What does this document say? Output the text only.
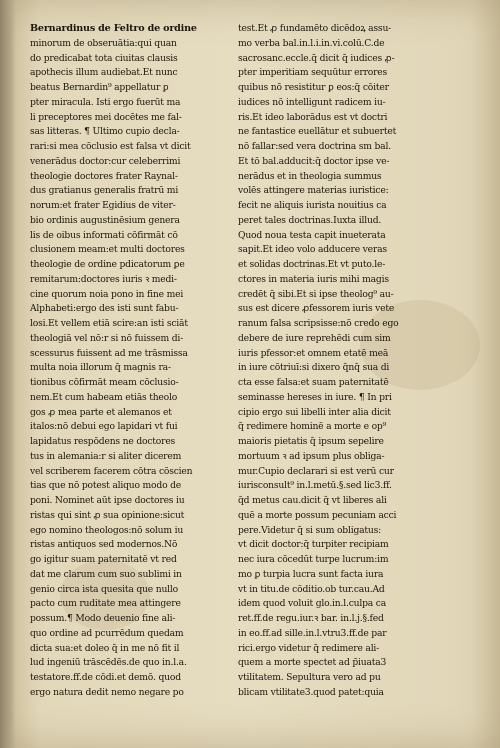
Bernardinus de Feltro de ordine
minorum de obseruātia:qui quan
do predicabat tota ciuitas clausis
apothecis illum audiebat.Et nunc
beatus Bernardin⁹ appellatur ꝑ
pter miracula. Isti ergo fuerūt ma
li preceptores mei docētes me fal-
sas litteras. ¶ Ultimo cupio decla-
rari:si mea cōclusio est falsa vt dicit
venerādus doctor:cur celeberrimi
theologie doctores frater Raynal-
dus gratianus generalis fratrū mi
norum:et frater Egidius de viter-
bio ordinis augustinēsium genera
lis de oibus informati cōfirmāt cō
clusionem meam:et multi doctores
theologie de ordine pdicatorum ꝑe
remitarum:doctores iuris ꝛ medi-
cine quorum noia pono in fine mei
Alphabeti:ergo des isti sunt fabu-
losi.Et vellem etiā scire:an isti sciāt
theologiā vel nō:r si nō fuissem di-
scessurus fuissent ad me trāsmissa
multa noia illorum q̄ magnis ra-
tionibus cōfirmāt meam cōclusio-
nem.Et cum habeam etiās theolo
gos ꝓ mea parte et alemanos et
italos:nō debui ego lapidari vt fui
lapidatus respōdens ne doctores
tus in alemania:r si aliter dicerem
vel scriberem facerem cōtra cōscien
tias que nō potest aliquo modo de
poni. Nominet aūt ipse doctores iu
ristas qui sint ꝓ sua opinione:sicut
ego nomino theologos:nō solum iu
ristas antiquos sed modernos.Nō
go igitur suam paternitatē vt red
dat me clarum cum suo sublimi in
genio circa ista quesita que nullo
pacto cum ruditate mea attingere
possum.¶ Modo deuenio fine ali-
quo ordine ad pcurrēdum quedam
dicta sua:et doleo q̄ in me nō fit il
lud ingeniū trāscēdēs.de quo in.l.a.
testatore.ff.de cōdi.et demō. quod
ergo natura dedit nemo negare po
test.Et ꝓ fundamēto dicēdoꝝ assu-
mo verba bal.in.l.i.in.vi.colū.C.de
sacrosanc.eccle.q̄ dicit q̄ iudices ꝓ-
pter imperitiam sequūtur errores
quibus nō resistitur ꝑ eos:q̄ cōiter
iudices nō intelligunt radicem iu-
ris.Et ideo laborādus est vt doctri
ne fantastice euellātur et subuertet
nō fallar:sed vera doctrina sm bal.
Et tō bal.adducit:q̄ doctor ipse ve-
nerādus et in theologia summus
volēs attingere materias iuristice:
fecit ne aliquis iurista nouitius ca
peret tales doctrinas.Iuxta illud.
Quod noua testa capit inueterata
sapit.Et ideo volo adducere veras
et solidas doctrinas.Et vt puto.le-
ctores in materia iuris mihi magis
credēt q̄ sibi.Et si ipse theolog⁹ au-
sus est dicere ꝓfessorem iuris vete
ranum falsa scripsisse:nō credo ego
debere de iure reprehēdi cum sim
iuris pfessor:et omnem etatē meā
in iure cōtriuī:si dixero q̄nq̄ sua di
cta esse falsa:et suam paternitatē
seminasse hereses in iure. ¶ In pri
cipio ergo sui libelli inter alia dicit
q̄ redimere hominē a morte e op⁹
maioris pietatis q̄ ipsum sepelire
mortuum ꝛ ad ipsum plus obliga-
mur.Cupio declarari si est verū cur
iurisconsult⁹ in.l.metū.§.sed lic3.ff.
q̄d metus cau.dicit q̄ vt liberes ali
quē a morte possum pecuniam acci
pere.Videtur q̄ si sum obligatus:
vt dicit doctor:q̄ turpiter recipiam
nec iura cōcedūt turpe lucrum:im
mo ꝑ turpia lucra sunt facta iura
vt in titu.de cōditio.ob tur.cau.Ad
idem quod voluit glo.in.l.culpa ca
ret.ff.de regu.iur.ꝛ bar. in.l.j.§.fed
in eo.ff.ad sille.in.l.vtru3.ff.de par
rici.ergo videtur q̄ redimere ali-
quem a morte spectet ad p̄iuata3
vtilitatem. Sepultura vero ad pu
blicam vtilitate3.quod patet:quia
